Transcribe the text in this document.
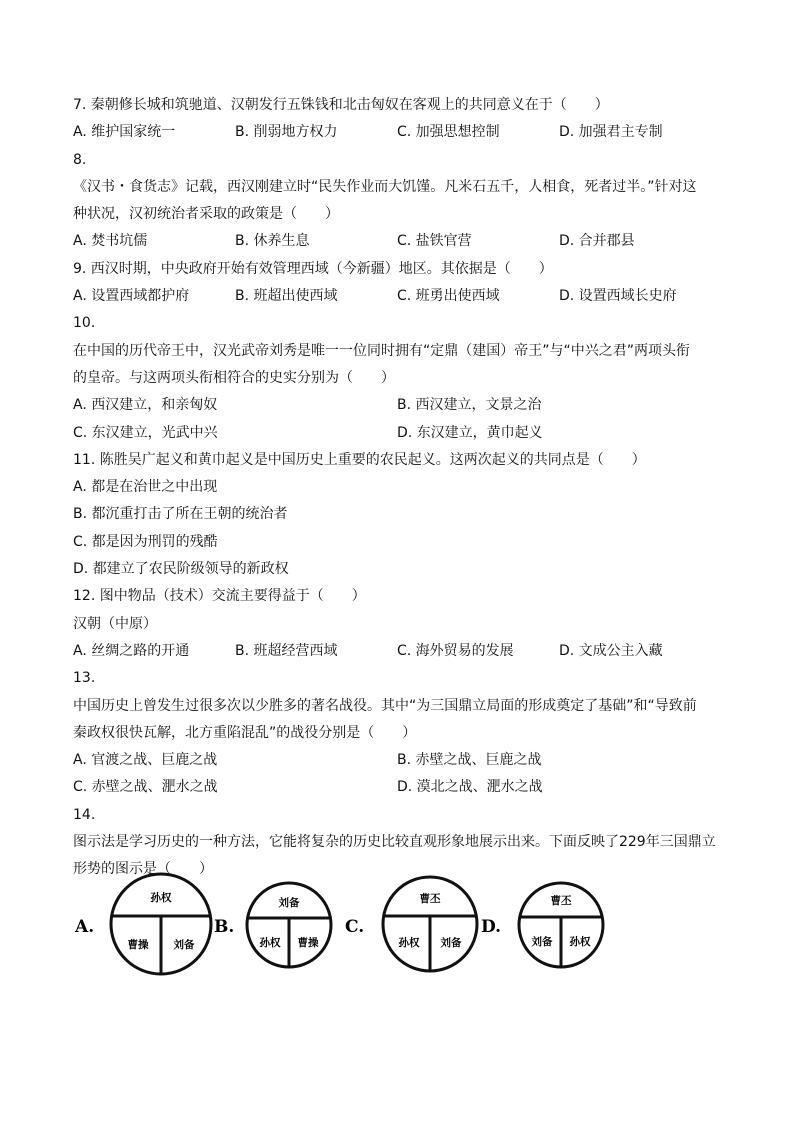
7. 秦朝修长城和筑驰道、汉朝发行五铢钱和北击匈奴在客观上的共同意义在于（　　）
A. 维护国家统一	B. 削弱地方权力	C. 加强思想控制	D. 加强君主专制
8.
《汉书・食货志》记载，西汉刚建立时“民失作业而大饥馑。凡米石五千，人相食，死者过半。”针对这
种状况，汉初统治者采取的政策是（　　）
A. 焚书坑儒	B. 休养生息	C. 盐铁官营	D. 合并郡县
9. 西汉时期，中央政府开始有效管理西域（今新疆）地区。其依据是（　　）
A. 设置西域都护府	B. 班超出使西域	C. 班勇出使西域	D. 设置西域长史府
10.
在中国的历代帝王中，汉光武帝刘秀是唯一一位同时拥有“定鼎（建国）帝王”与“中兴之君”两项头衔
的皇帝。与这两项头衔相符合的史实分别为（　　）
A. 西汉建立，和亲匈奴	B. 西汉建立，文景之治
C. 东汉建立，光武中兴	D. 东汉建立，黄巾起义
11. 陈胜吴广起义和黄巾起义是中国历史上重要的农民起义。这两次起义的共同点是（　　）
A. 都是在治世之中出现
B. 都沉重打击了所在王朝的统治者
C. 都是因为刑罚的残酷
D. 都建立了农民阶级领导的新政权
12. 图中物品（技术）交流主要得益于（　　）
汉朝（中原）
A. 丝绸之路的开通	B. 班超经营西域	C. 海外贸易的发展	D. 文成公主入藏
13.
中国历史上曾发生过很多次以少胜多的著名战役。其中“为三国鼎立局面的形成奠定了基础”和“导致前
秦政权很快瓦解，北方重陷混乱”的战役分别是（　　）
A. 官渡之战、巨鹿之战	B. 赤壁之战、巨鹿之战
C. 赤壁之战、淝水之战	D. 漠北之战、淝水之战
14.
图示法是学习历史的一种方法，它能将复杂的历史比较直观形象地展示出来。下面反映了229年三国鼎立
形势的图示是（　　）
A.
孙权
曹操 刘备
B.
刘备
孙权 曹操
C.
曹丕
孙权 刘备
D.
曹丕
刘备 孙权
